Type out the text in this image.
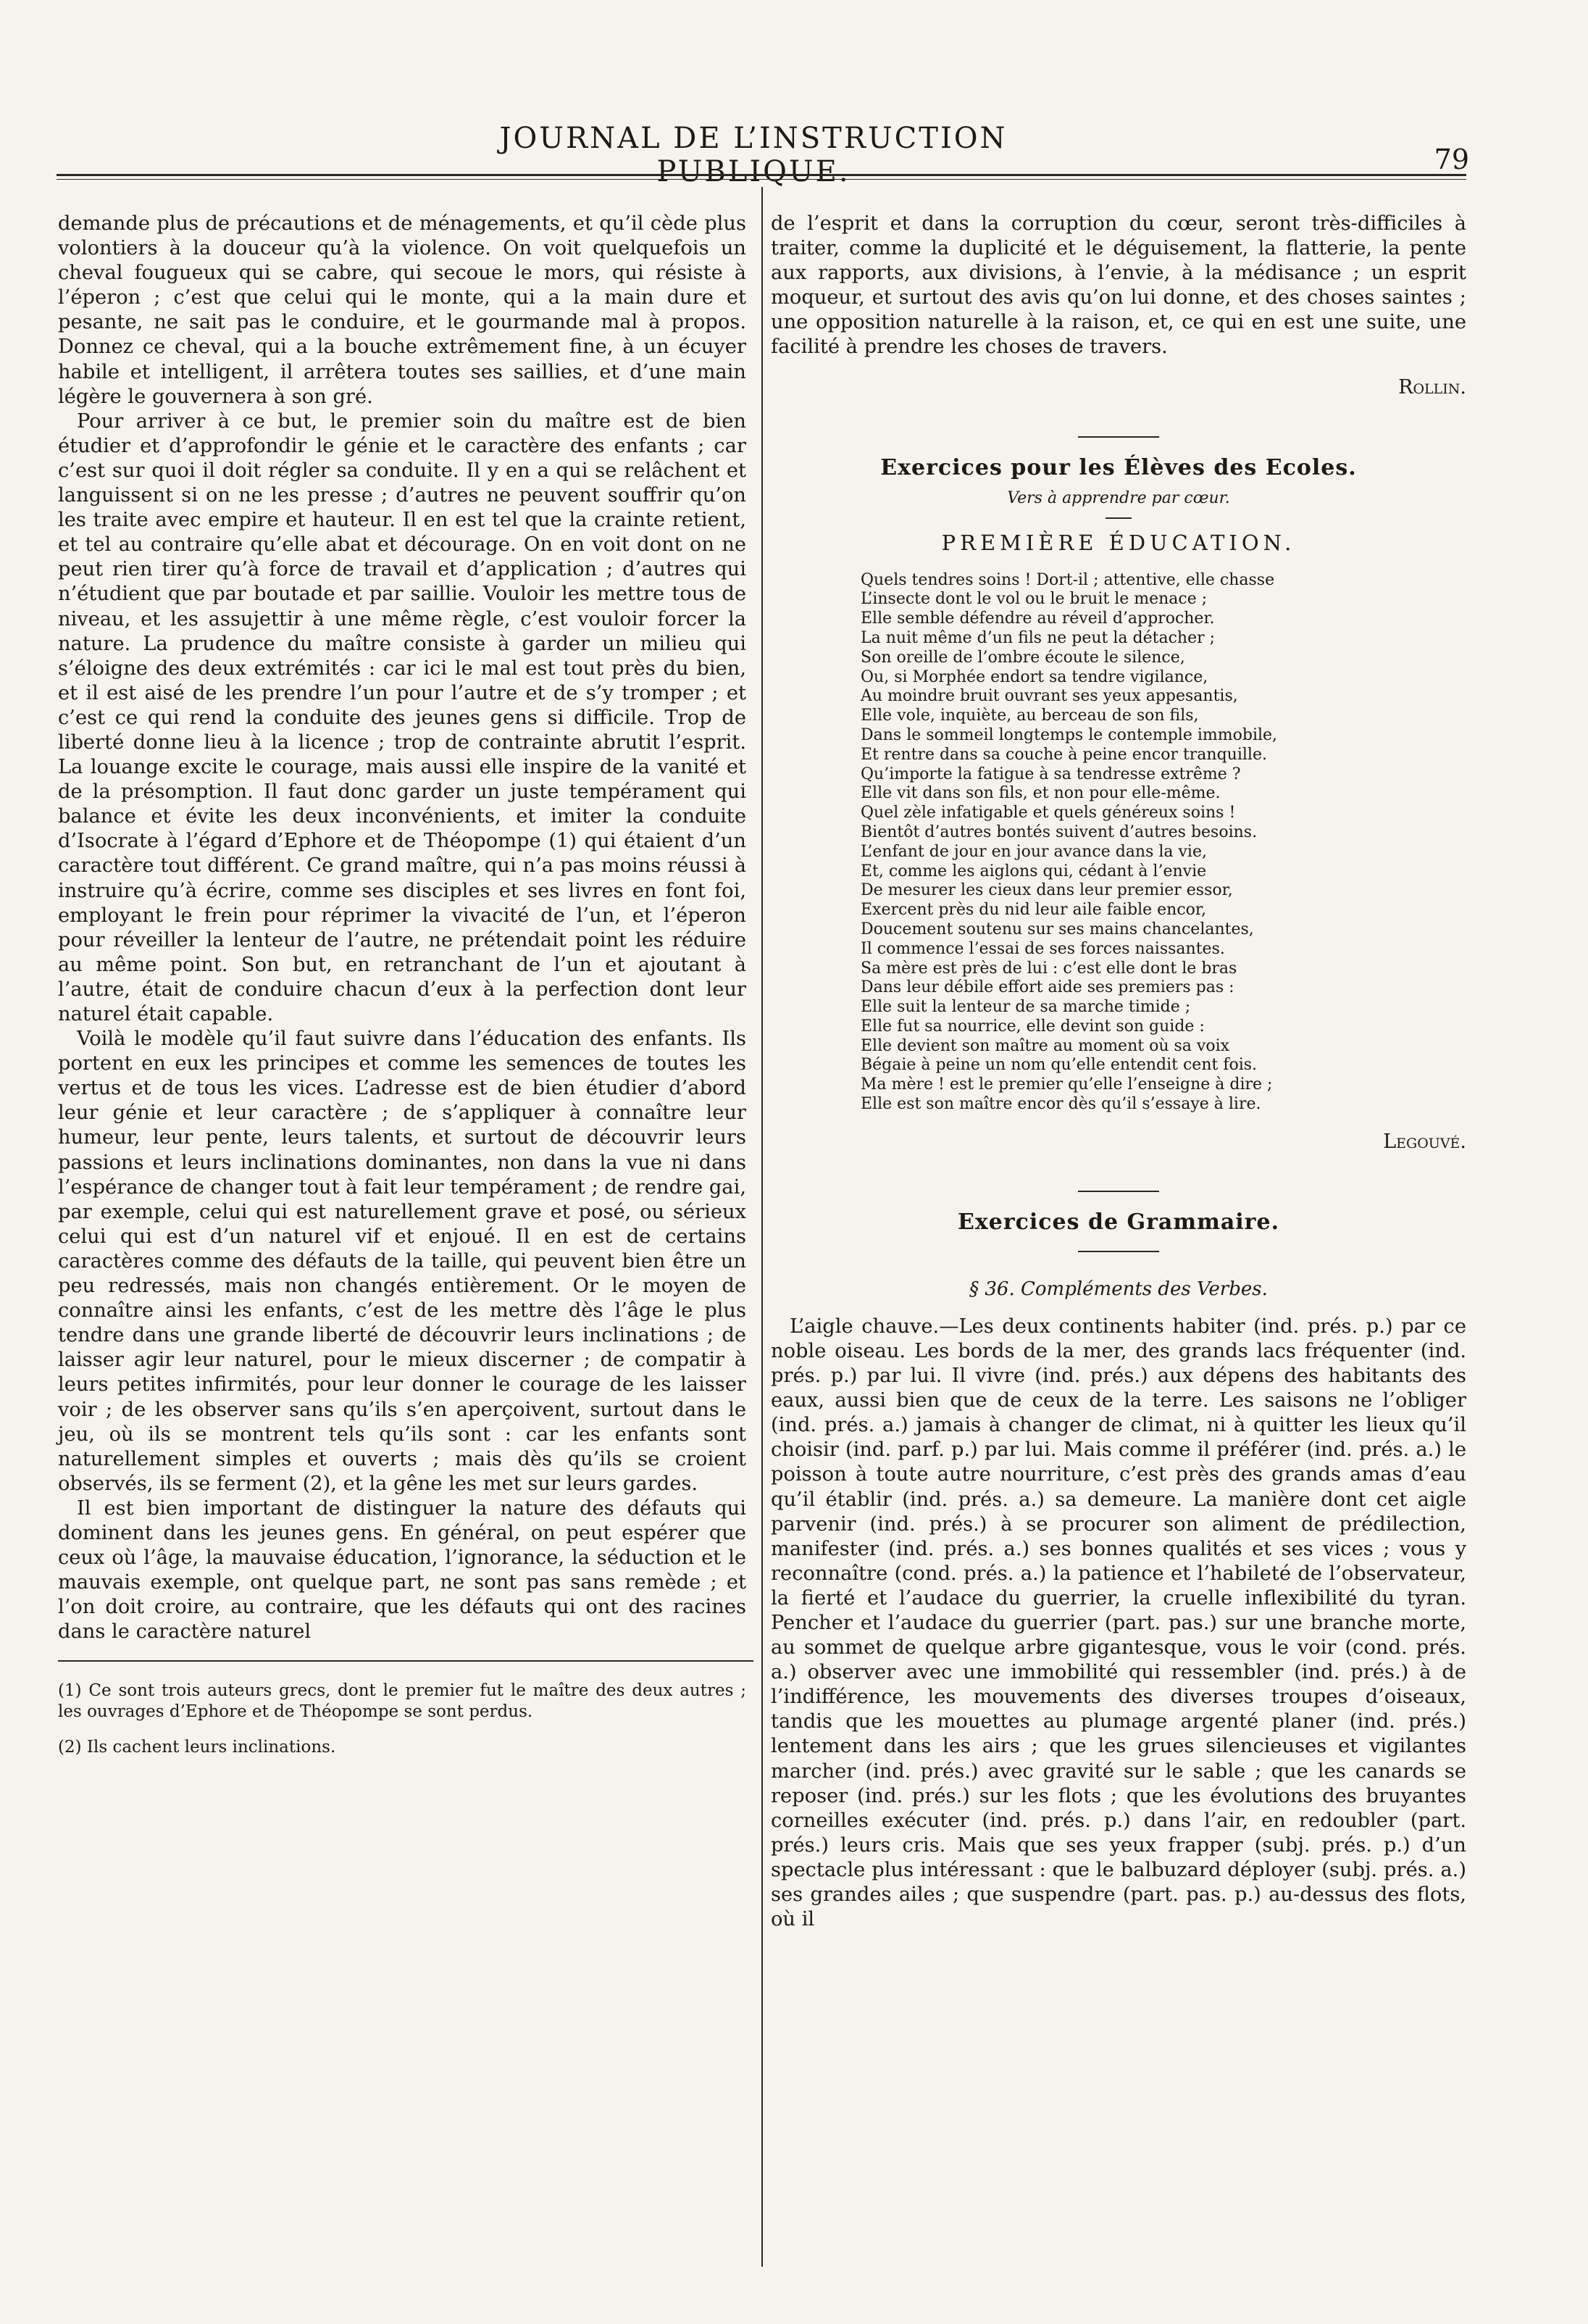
JOURNAL DE L’INSTRUCTION PUBLIQUE.	79

demande plus de précautions et de ménagements, et qu’il cède plus volontiers à la douceur qu’à la violence. On voit quelquefois un cheval fougueux qui se cabre, qui secoue le mors, qui résiste à l’éperon ; c’est que celui qui le monte, qui a la main dure et pesante, ne sait pas le conduire, et le gourmande mal à propos. Donnez ce cheval, qui a la bouche extrêmement fine, à un écuyer habile et intelligent, il arrêtera toutes ses saillies, et d’une main légère le gouvernera à son gré.

Pour arriver à ce but, le premier soin du maître est de bien étudier et d’approfondir le génie et le caractère des enfants ; car c’est sur quoi il doit régler sa conduite. Il y en a qui se relâchent et languissent si on ne les presse ; d’autres ne peuvent souffrir qu’on les traite avec empire et hauteur. Il en est tel que la crainte retient, et tel au contraire qu’elle abat et décourage. On en voit dont on ne peut rien tirer qu’à force de travail et d’application ; d’autres qui n’étudient que par boutade et par saillie. Vouloir les mettre tous de niveau, et les assujettir à une même règle, c’est vouloir forcer la nature. La prudence du maître consiste à garder un milieu qui s’éloigne des deux extrémités : car ici le mal est tout près du bien, et il est aisé de les prendre l’un pour l’autre et de s’y tromper ; et c’est ce qui rend la conduite des jeunes gens si difficile. Trop de liberté donne lieu à la licence ; trop de contrainte abrutit l’esprit. La louange excite le courage, mais aussi elle inspire de la vanité et de la présomption. Il faut donc garder un juste tempérament qui balance et évite les deux inconvénients, et imiter la conduite d’Isocrate à l’égard d’Ephore et de Théopompe (1) qui étaient d’un caractère tout différent. Ce grand maître, qui n’a pas moins réussi à instruire qu’à écrire, comme ses disciples et ses livres en font foi, employant le frein pour réprimer la vivacité de l’un, et l’éperon pour réveiller la lenteur de l’autre, ne prétendait point les réduire au même point. Son but, en retranchant de l’un et ajoutant à l’autre, était de conduire chacun d’eux à la perfection dont leur naturel était capable.

Voilà le modèle qu’il faut suivre dans l’éducation des enfants. Ils portent en eux les principes et comme les semences de toutes les vertus et de tous les vices. L’adresse est de bien étudier d’abord leur génie et leur caractère ; de s’appliquer à connaître leur humeur, leur pente, leurs talents, et surtout de découvrir leurs passions et leurs inclinations dominantes, non dans la vue ni dans l’espérance de changer tout à fait leur tempérament ; de rendre gai, par exemple, celui qui est naturellement grave et posé, ou sérieux celui qui est d’un naturel vif et enjoué. Il en est de certains caractères comme des défauts de la taille, qui peuvent bien être un peu redressés, mais non changés entièrement. Or le moyen de connaître ainsi les enfants, c’est de les mettre dès l’âge le plus tendre dans une grande liberté de découvrir leurs inclinations ; de laisser agir leur naturel, pour le mieux discerner ; de compatir à leurs petites infirmités, pour leur donner le courage de les laisser voir ; de les observer sans qu’ils s’en aperçoivent, surtout dans le jeu, où ils se montrent tels qu’ils sont : car les enfants sont naturellement simples et ouverts ; mais dès qu’ils se croient observés, ils se ferment (2), et la gêne les met sur leurs gardes.

Il est bien important de distinguer la nature des défauts qui dominent dans les jeunes gens. En général, on peut espérer que ceux où l’âge, la mauvaise éducation, l’ignorance, la séduction et le mauvais exemple, ont quelque part, ne sont pas sans remède ; et l’on doit croire, au contraire, que les défauts qui ont des racines dans le caractère naturel

(1) Ce sont trois auteurs grecs, dont le premier fut le maître des deux autres ; les ouvrages d’Ephore et de Théopompe se sont perdus.

(2) Ils cachent leurs inclinations.

de l’esprit et dans la corruption du cœur, seront très-difficiles à traiter, comme la duplicité et le déguisement, la flatterie, la pente aux rapports, aux divisions, à l’envie, à la médisance ; un esprit moqueur, et surtout des avis qu’on lui donne, et des choses saintes ; une opposition naturelle à la raison, et, ce qui en est une suite, une facilité à prendre les choses de travers.

Rollin.

Exercices pour les Élèves des Ecoles.

Vers à apprendre par cœur.

PREMIÈRE ÉDUCATION.

Quels tendres soins ! Dort-il ; attentive, elle chasse
L’insecte dont le vol ou le bruit le menace ;
Elle semble défendre au réveil d’approcher.
La nuit même d’un fils ne peut la détacher ;
Son oreille de l’ombre écoute le silence,
Ou, si Morphée endort sa tendre vigilance,
Au moindre bruit ouvrant ses yeux appesantis,
Elle vole, inquiète, au berceau de son fils,
Dans le sommeil longtemps le contemple immobile,
Et rentre dans sa couche à peine encor tranquille.
Qu’importe la fatigue à sa tendresse extrême ?
Elle vit dans son fils, et non pour elle-même.
Quel zèle infatigable et quels généreux soins !
Bientôt d’autres bontés suivent d’autres besoins.
L’enfant de jour en jour avance dans la vie,
Et, comme les aiglons qui, cédant à l’envie
De mesurer les cieux dans leur premier essor,
Exercent près du nid leur aile faible encor,
Doucement soutenu sur ses mains chancelantes,
Il commence l’essai de ses forces naissantes.
Sa mère est près de lui : c’est elle dont le bras
Dans leur débile effort aide ses premiers pas :
Elle suit la lenteur de sa marche timide ;
Elle fut sa nourrice, elle devint son guide :
Elle devient son maître au moment où sa voix
Bégaie à peine un nom qu’elle entendit cent fois.
Ma mère ! est le premier qu’elle l’enseigne à dire ;
Elle est son maître encor dès qu’il s’essaye à lire.

Legouvé.

Exercices de Grammaire.

§ 36. Compléments des Verbes.

L’aigle chauve.—Les deux continents habiter (ind. prés. p.) par ce noble oiseau. Les bords de la mer, des grands lacs fréquenter (ind. prés. p.) par lui. Il vivre (ind. prés.) aux dépens des habitants des eaux, aussi bien que de ceux de la terre. Les saisons ne l’obliger (ind. prés. a.) jamais à changer de climat, ni à quitter les lieux qu’il choisir (ind. parf. p.) par lui. Mais comme il préférer (ind. prés. a.) le poisson à toute autre nourriture, c’est près des grands amas d’eau qu’il établir (ind. prés. a.) sa demeure. La manière dont cet aigle parvenir (ind. prés.) à se procurer son aliment de prédilection, manifester (ind. prés. a.) ses bonnes qualités et ses vices ; vous y reconnaître (cond. prés. a.) la patience et l’habileté de l’observateur, la fierté et l’audace du guerrier, la cruelle inflexibilité du tyran. Pencher et l’audace du guerrier (part. pas.) sur une branche morte, au sommet de quelque arbre gigantesque, vous le voir (cond. prés. a.) observer avec une immobilité qui ressembler (ind. prés.) à de l’indifférence, les mouvements des diverses troupes d’oiseaux, tandis que les mouettes au plumage argenté planer (ind. prés.) lentement dans les airs ; que les grues silencieuses et vigilantes marcher (ind. prés.) avec gravité sur le sable ; que les canards se reposer (ind. prés.) sur les flots ; que les évolutions des bruyantes corneilles exécuter (ind. prés. p.) dans l’air, en redoubler (part. prés.) leurs cris. Mais que ses yeux frapper (subj. prés. p.) d’un spectacle plus intéressant : que le balbuzard déployer (subj. prés. a.) ses grandes ailes ; que suspendre (part. pas. p.) au-dessus des flots, où il
